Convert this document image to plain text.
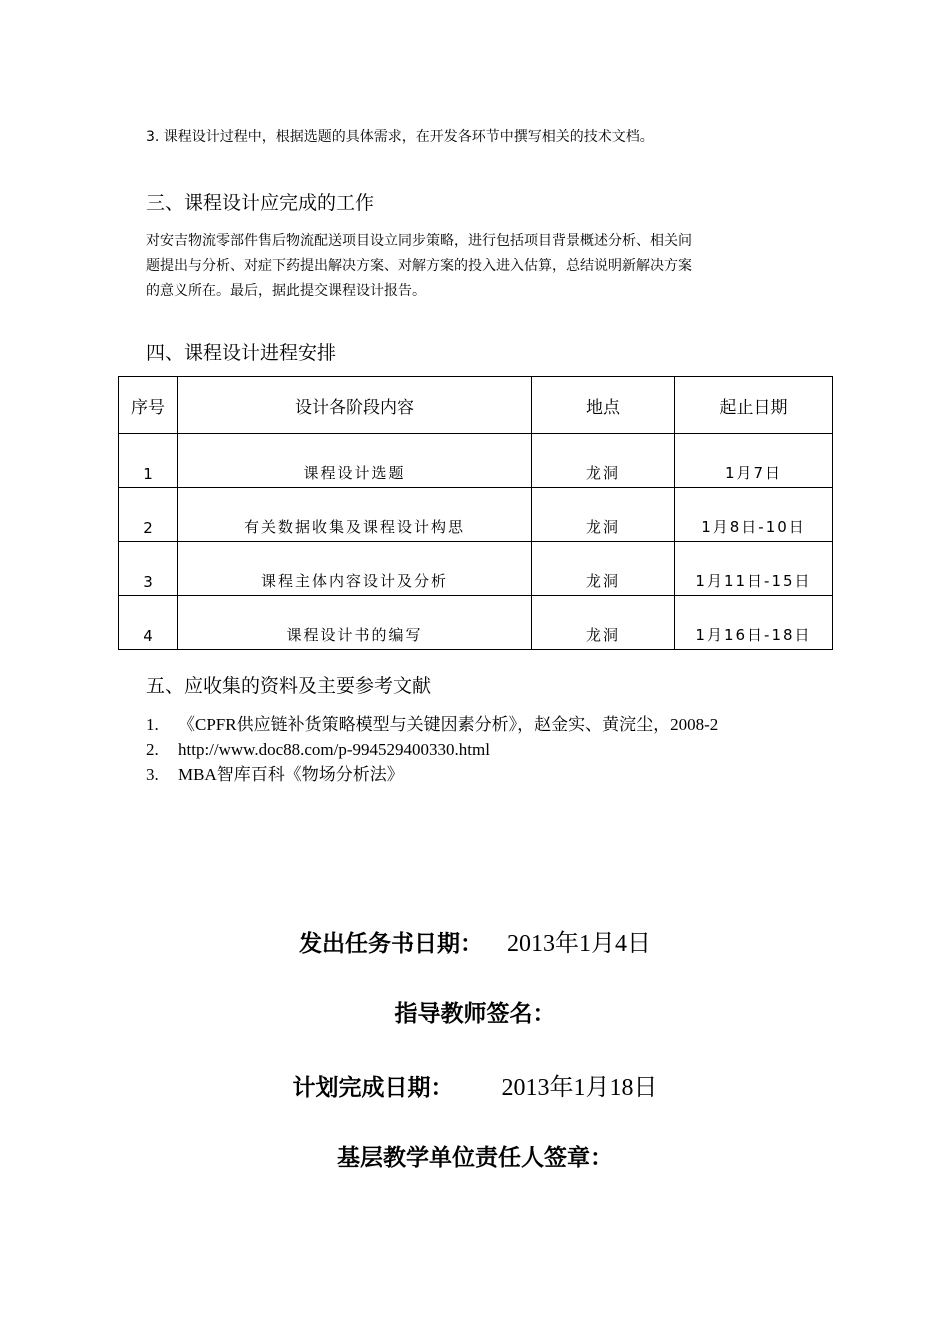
3. 课程设计过程中，根据选题的具体需求，在开发各环节中撰写相关的技术文档。
三、课程设计应完成的工作
对安吉物流零部件售后物流配送项目设立同步策略，进行包括项目背景概述分析、相关问
题提出与分析、对症下药提出解决方案、对解方案的投入进入估算，总结说明新解决方案
的意义所在。最后，据此提交课程设计报告。
四、课程设计进程安排
序号	设计各阶段内容	地点	起止日期
1	课程设计选题	龙洞	1月7日
2	有关数据收集及课程设计构思	龙洞	1月8日-10日
3	课程主体内容设计及分析	龙洞	1月11日-15日
4	课程设计书的编写	龙洞	1月16日-18日
五、应收集的资料及主要参考文献
1.	《CPFR供应链补货策略模型与关键因素分析》，赵金实、黄浣尘，2008-2
2.	http://www.doc88.com/p-994529400330.html
3.	MBA智库百科《物场分析法》
发出任务书日期： 2013年1月4日
指导教师签名：
计划完成日期： 2013年1月18日
基层教学单位责任人签章：
